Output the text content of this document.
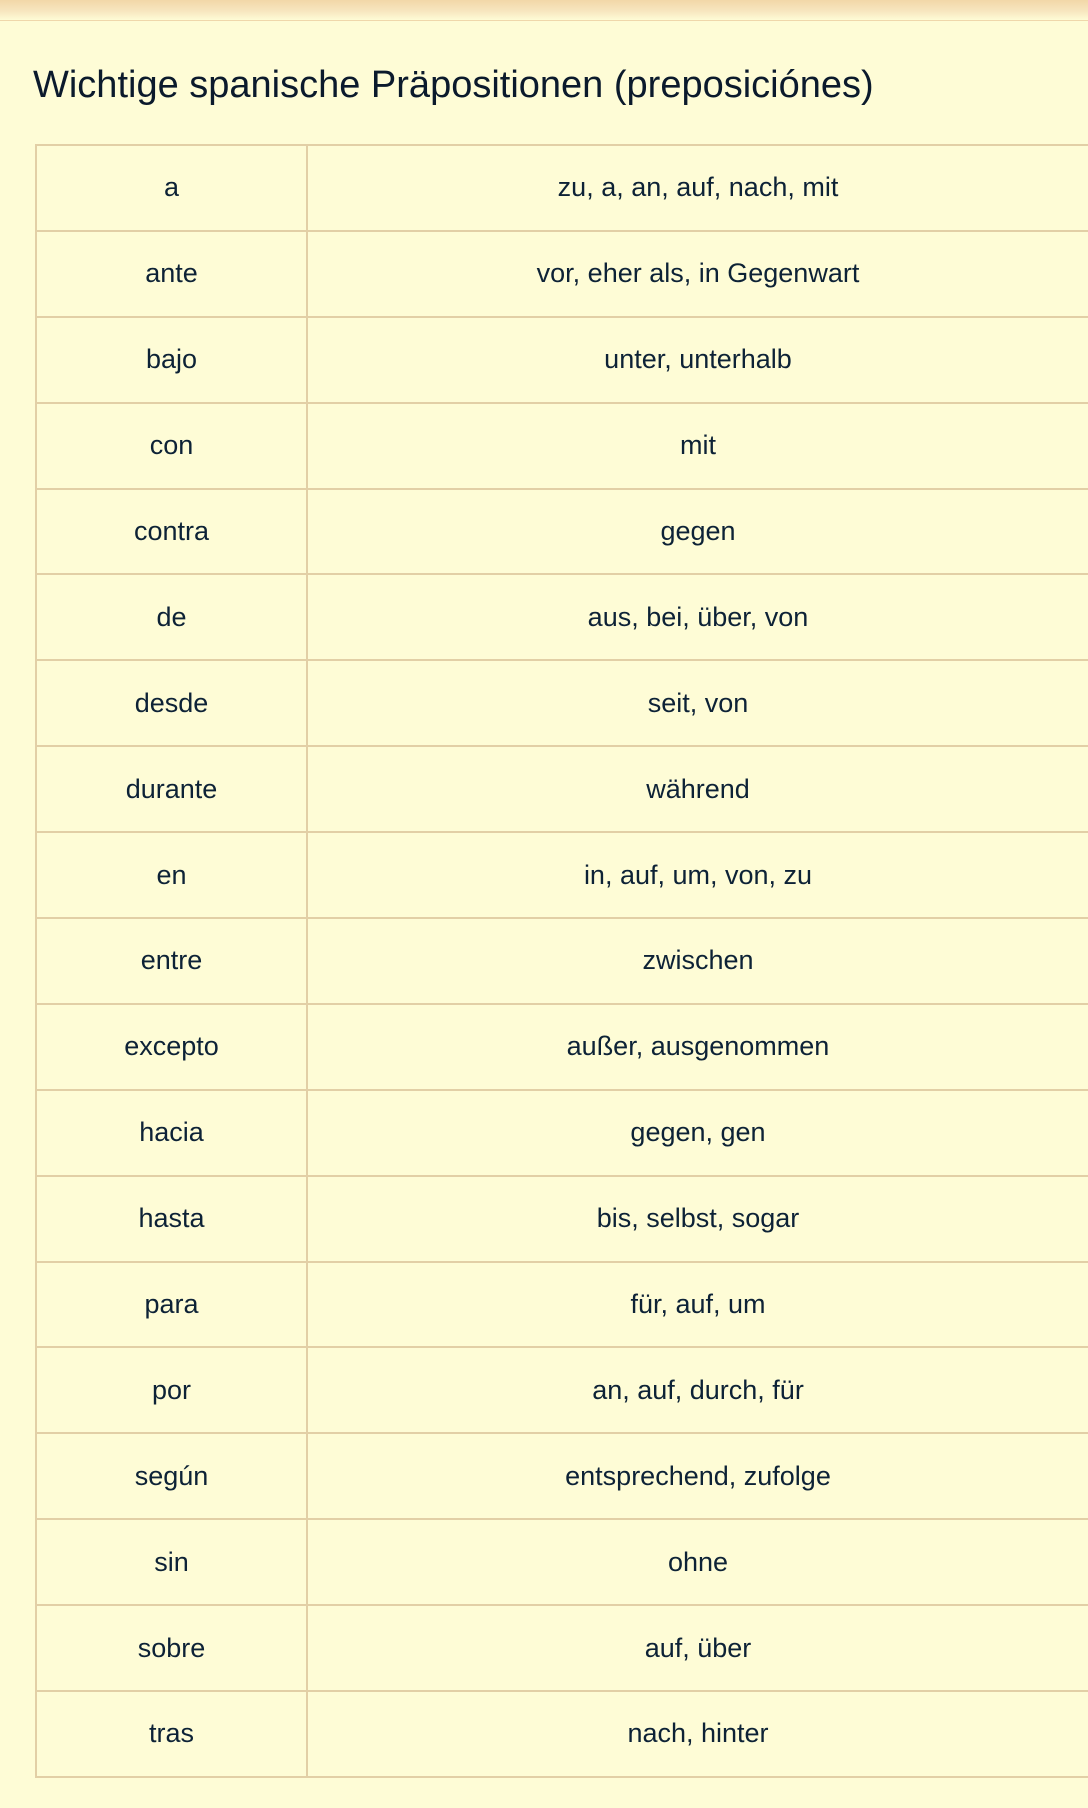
Wichtige spanische Präpositionen (preposiciónes)
a	zu, a, an, auf, nach, mit
ante	vor, eher als, in Gegenwart
bajo	unter, unterhalb
con	mit
contra	gegen
de	aus, bei, über, von
desde	seit, von
durante	während
en	in, auf, um, von, zu
entre	zwischen
excepto	außer, ausgenommen
hacia	gegen, gen
hasta	bis, selbst, sogar
para	für, auf, um
por	an, auf, durch, für
según	entsprechend, zufolge
sin	ohne
sobre	auf, über
tras	nach, hinter
